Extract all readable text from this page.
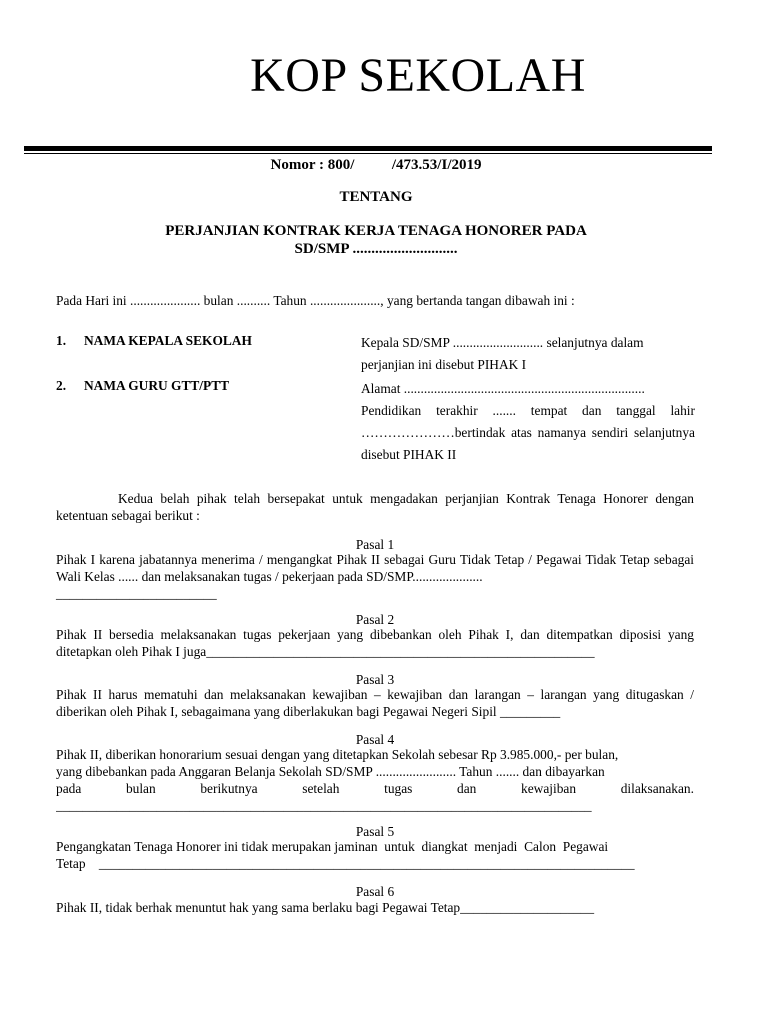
KOP SEKOLAH
Nomor : 800/          /473.53/I/2019
TENTANG
PERJANJIAN KONTRAK KERJA TENAGA HONORER PADA
SD/SMP ............................
Pada Hari ini ..................... bulan .......... Tahun ....................., yang bertanda tangan dibawah ini :
1. NAMA KEPALA SEKOLAH	Kepala SD/SMP ........................... selanjutnya dalam
perjanjian ini disebut PIHAK I
2. NAMA GURU GTT/PTT	Alamat ........................................................................
Pendidikan terakhir ....... tempat dan tanggal lahir …………………bertindak atas namanya sendiri selanjutnya disebut PIHAK II
Kedua belah pihak telah bersepakat untuk mengadakan perjanjian Kontrak Tenaga Honorer dengan ketentuan sebagai berikut :
Pasal 1
Pihak I karena jabatannya menerima / mengangkat Pihak II sebagai Guru Tidak Tetap / Pegawai Tidak Tetap sebagai Wali Kelas ...... dan melaksanakan tugas / pekerjaan pada SD/SMP.....................
________________________
Pasal 2
Pihak II bersedia melaksanakan tugas pekerjaan yang dibebankan oleh Pihak I, dan ditempatkan diposisi yang ditetapkan oleh Pihak I juga__________________________________________________________
Pasal 3
Pihak II harus mematuhi dan melaksanakan kewajiban – kewajiban dan larangan – larangan yang ditugaskan / diberikan oleh Pihak I, sebagaimana yang diberlakukan bagi Pegawai Negeri Sipil _________
Pasal 4
Pihak II, diberikan honorarium sesuai dengan yang ditetapkan Sekolah sebesar Rp 3.985.000,- per bulan,
yang dibebankan pada Anggaran Belanja Sekolah SD/SMP ........................ Tahun ....... dan dibayarkan
pada	bulan	berikutnya	setelah	tugas	dan	kewajiban	dilaksanakan.
________________________________________________________________________________
Pasal 5
Pengangkatan Tenaga Honorer ini tidak merupakan jaminan  untuk  diangkat  menjadi  Calon  Pegawai
Tetap    ________________________________________________________________________________
Pasal 6
Pihak II, tidak berhak menuntut hak yang sama berlaku bagi Pegawai Tetap____________________
